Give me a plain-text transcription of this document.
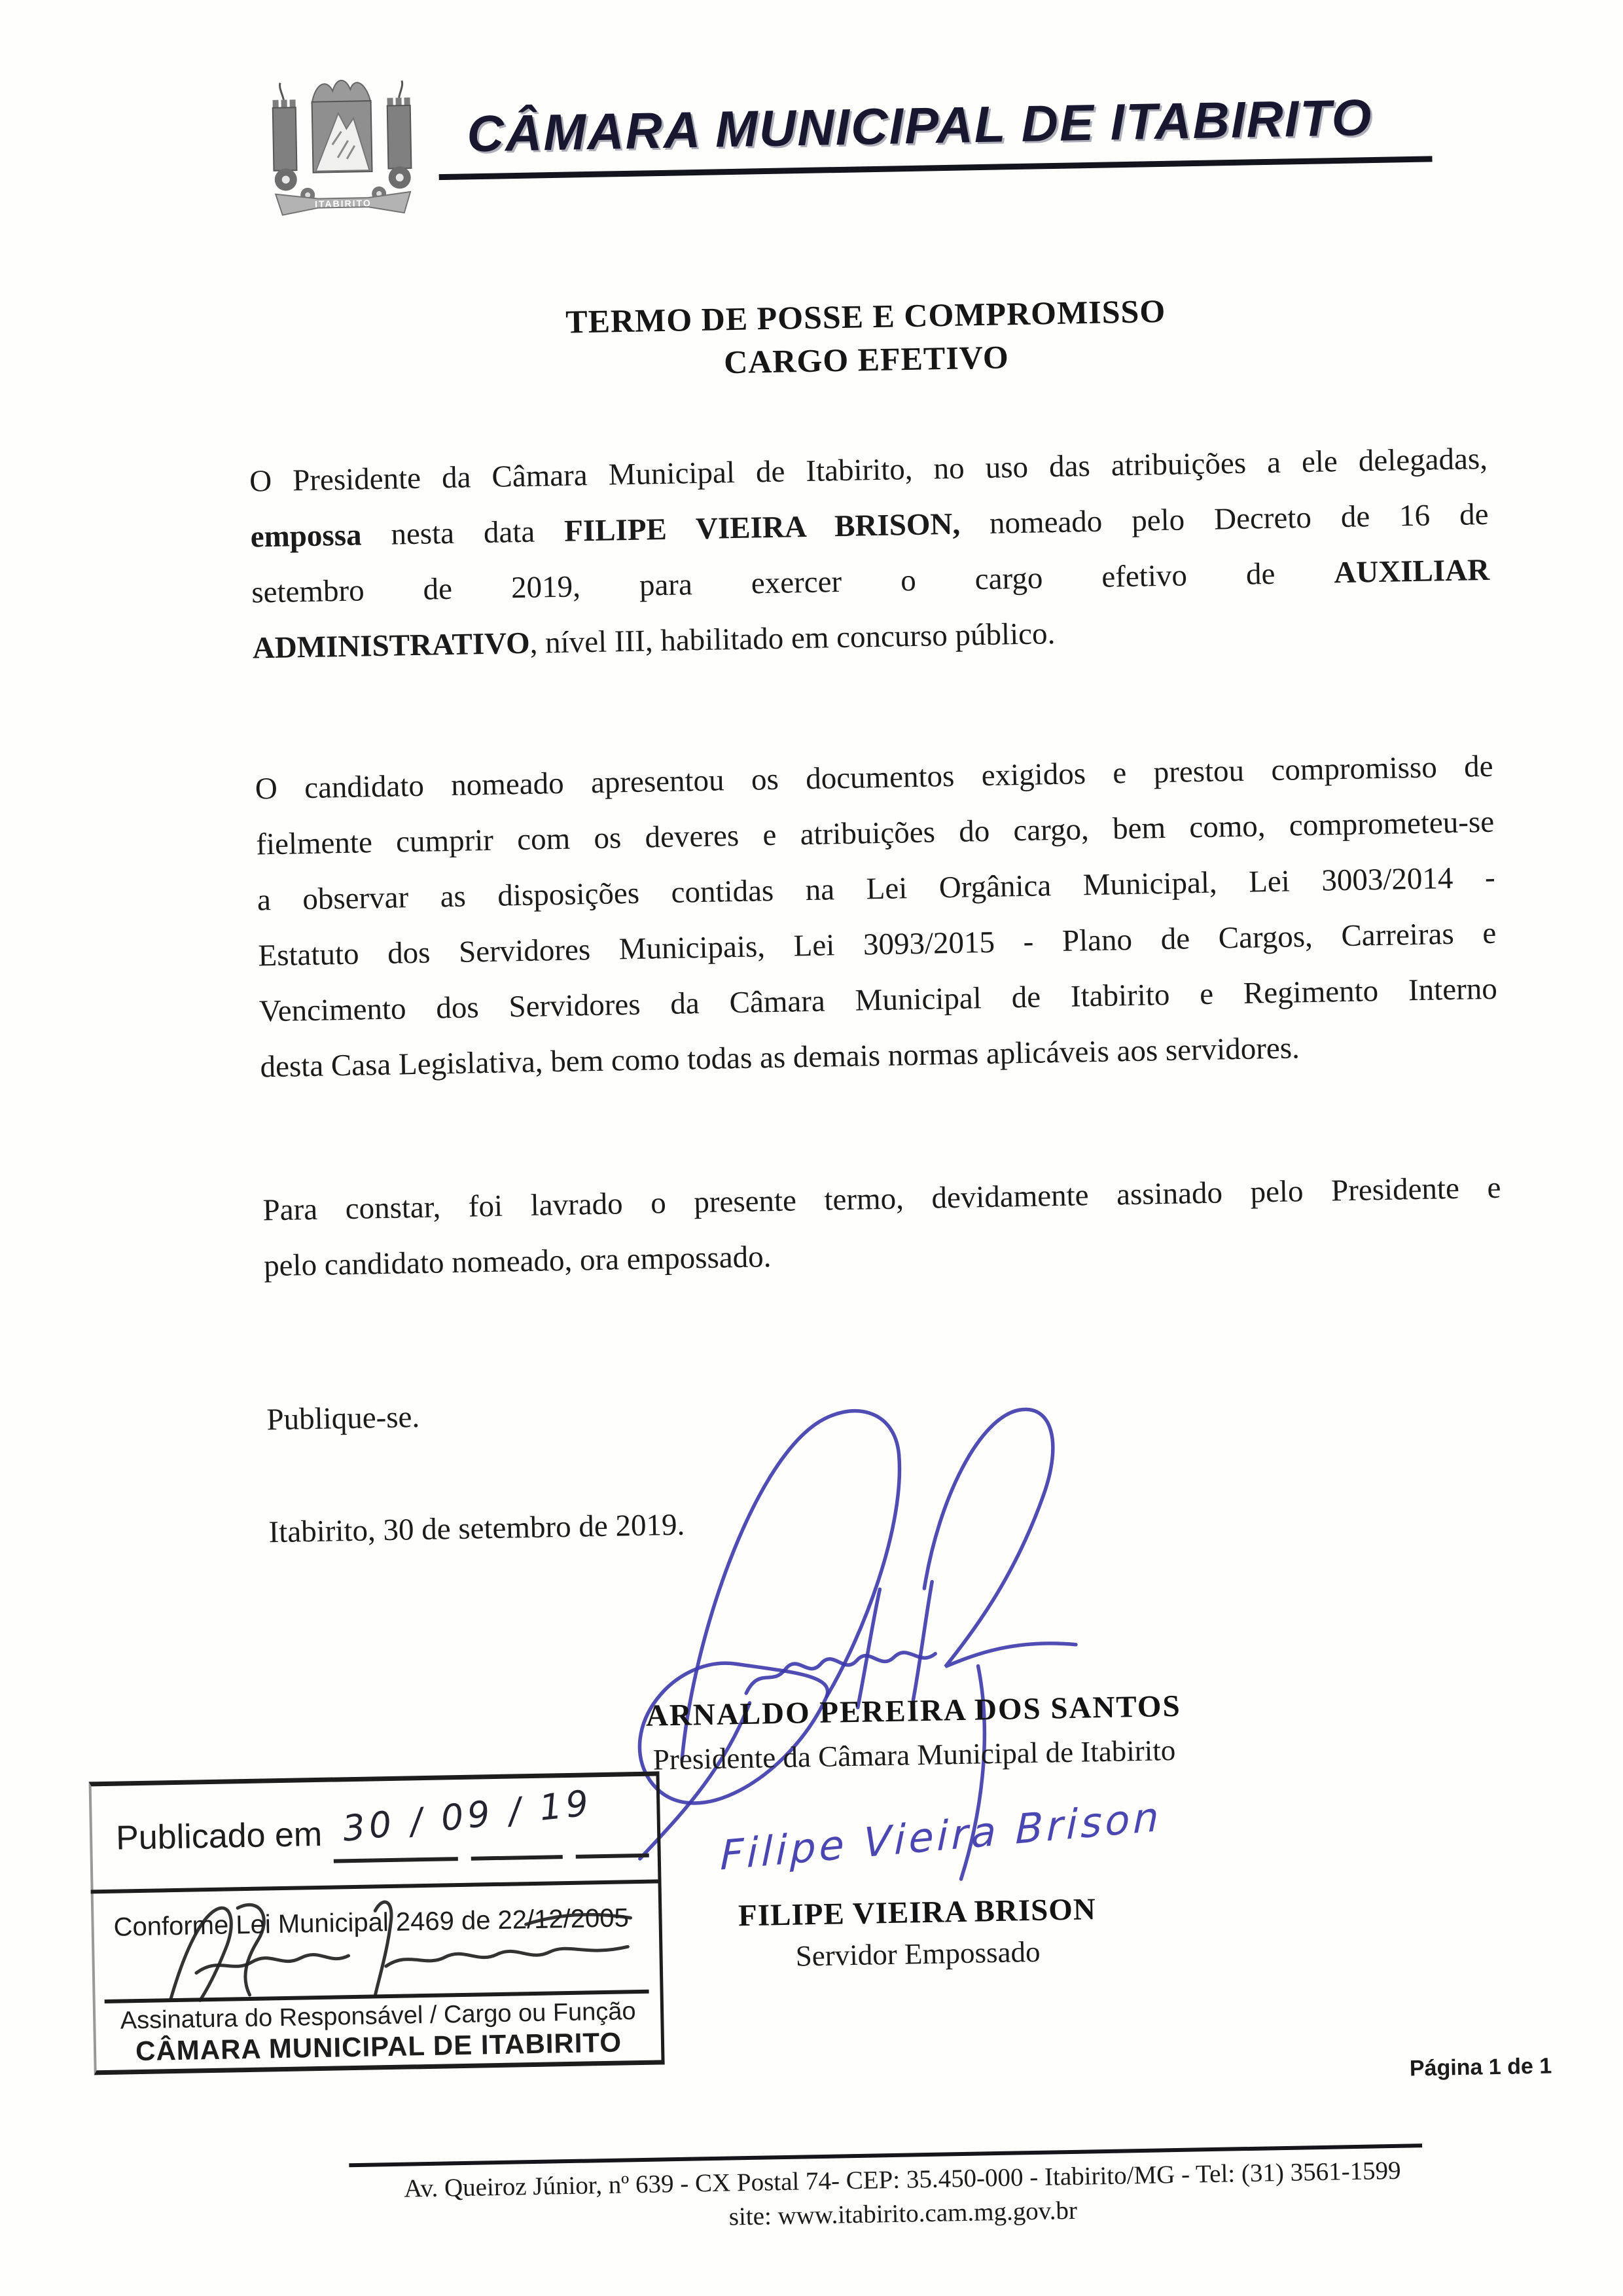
ITABIRITO
CÂMARA MUNICIPAL DE ITABIRITO
TERMO DE POSSE E COMPROMISSO
CARGO EFETIVO
O Presidente da Câmara Municipal de Itabirito, no uso das atribuições a ele delegadas,
empossa nesta data FILIPE VIEIRA BRISON, nomeado pelo Decreto de 16 de
setembro de 2019, para exercer o cargo efetivo de AUXILIAR
ADMINISTRATIVO, nível III, habilitado em concurso público.
O candidato nomeado apresentou os documentos exigidos e prestou compromisso de
fielmente cumprir com os deveres e atribuições do cargo, bem como, comprometeu-se
a observar as disposições contidas na Lei Orgânica Municipal, Lei 3003/2014 -
Estatuto dos Servidores Municipais, Lei 3093/2015 - Plano de Cargos, Carreiras e
Vencimento dos Servidores da Câmara Municipal de Itabirito e Regimento Interno
desta Casa Legislativa, bem como todas as demais normas aplicáveis aos servidores.
Para constar, foi lavrado o presente termo, devidamente assinado pelo Presidente e
pelo candidato nomeado, ora empossado.
Publique-se.
Itabirito, 30 de setembro de 2019.
ARNALDO PEREIRA DOS SANTOS
Presidente da Câmara Municipal de Itabirito
Filipe Vieira Brison
FILIPE VIEIRA BRISON
Servidor Empossado
Publicado em 30 / 09 / 19
Conforme Lei Municipal 2469 de 22/12/2005
Assinatura do Responsável / Cargo ou Função
CÂMARA MUNICIPAL DE ITABIRITO
Página 1 de 1
Av. Queiroz Júnior, nº 639 - CX Postal 74- CEP: 35.450-000 - Itabirito/MG - Tel: (31) 3561-1599
site: www.itabirito.cam.mg.gov.br
